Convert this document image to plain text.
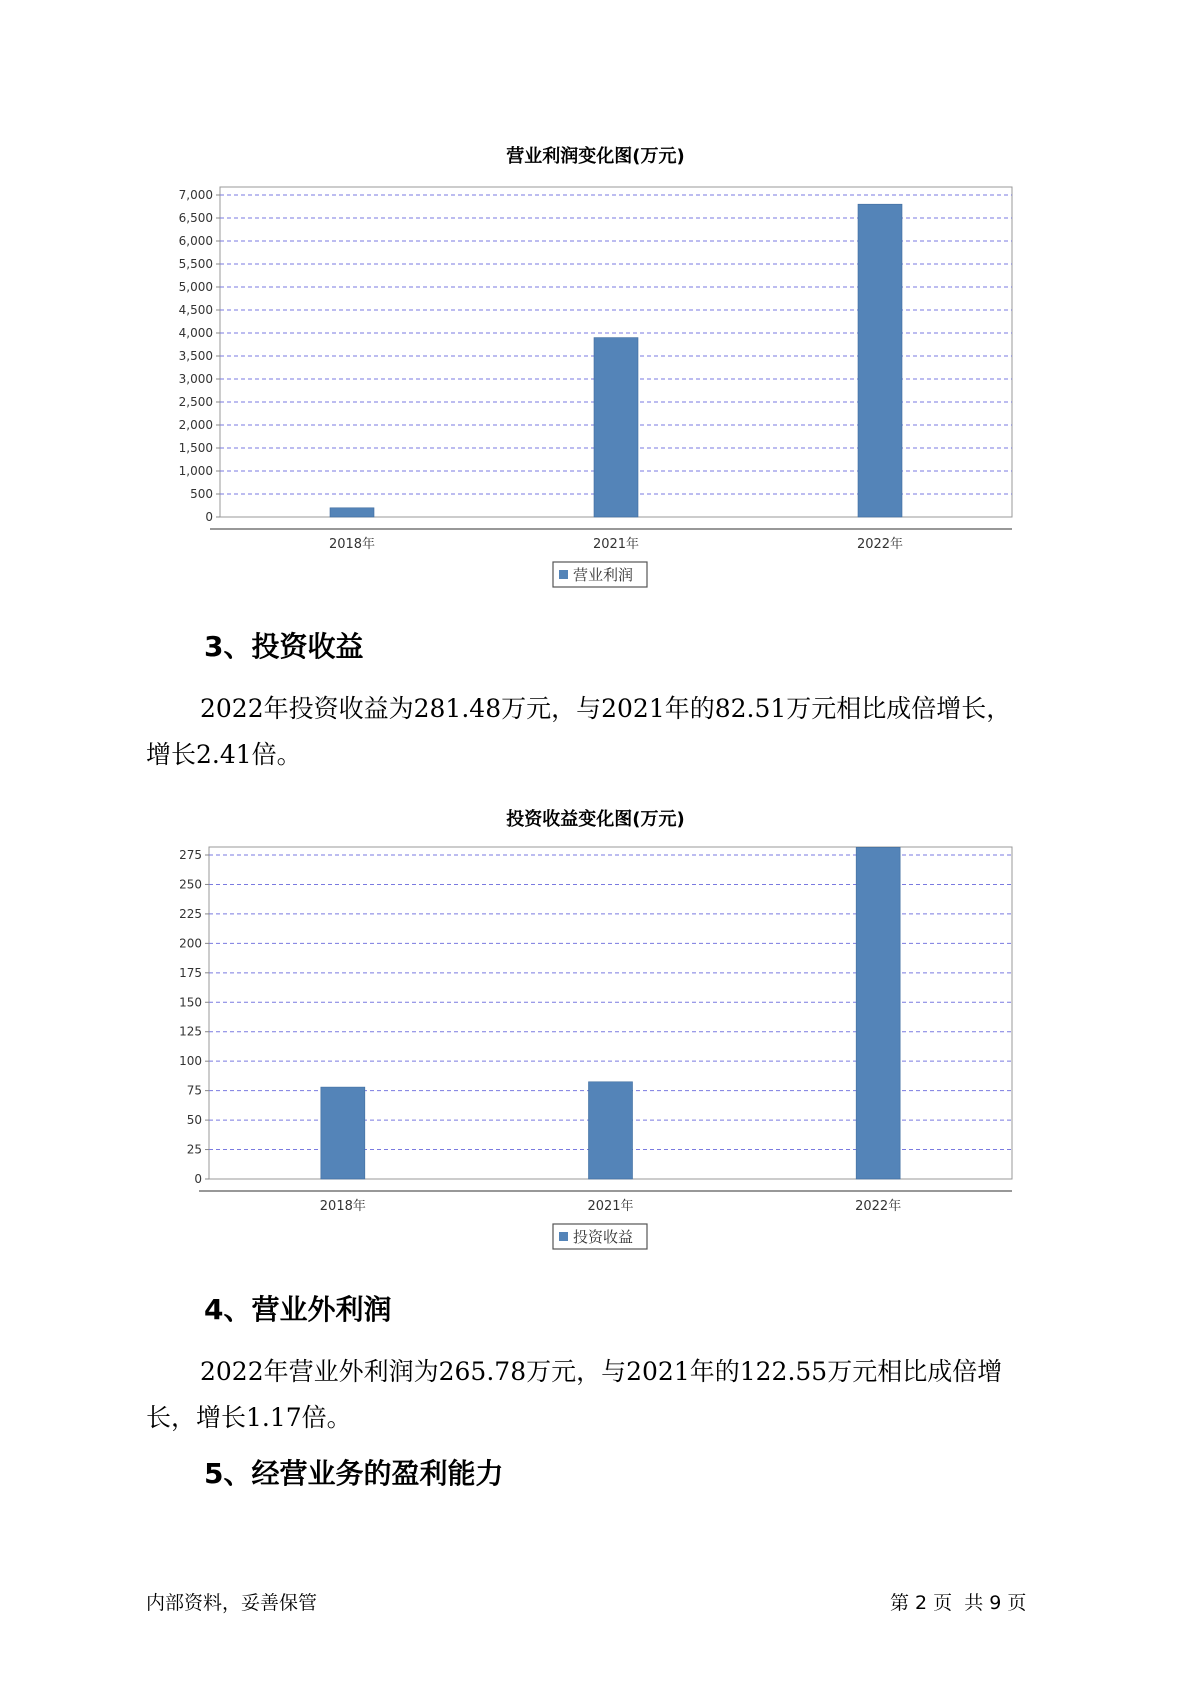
营业利润变化图(万元)
0
500
1,000
1,500
2,000
2,500
3,000
3,500
4,000
4,500
5,000
5,500
6,000
6,500
7,000
2018年	2021年	2022年
营业利润
3、投资收益
2022年投资收益为281.48万元，与2021年的82.51万元相比成倍增长，
增长2.41倍。
投资收益变化图(万元)
0
25
50
75
100
125
150
175
200
225
250
275
2018年	2021年	2022年
投资收益
4、营业外利润
2022年营业外利润为265.78万元，与2021年的122.55万元相比成倍增
长，增长1.17倍。
5、经营业务的盈利能力
内部资料，妥善保管	第 2 页  共 9 页
